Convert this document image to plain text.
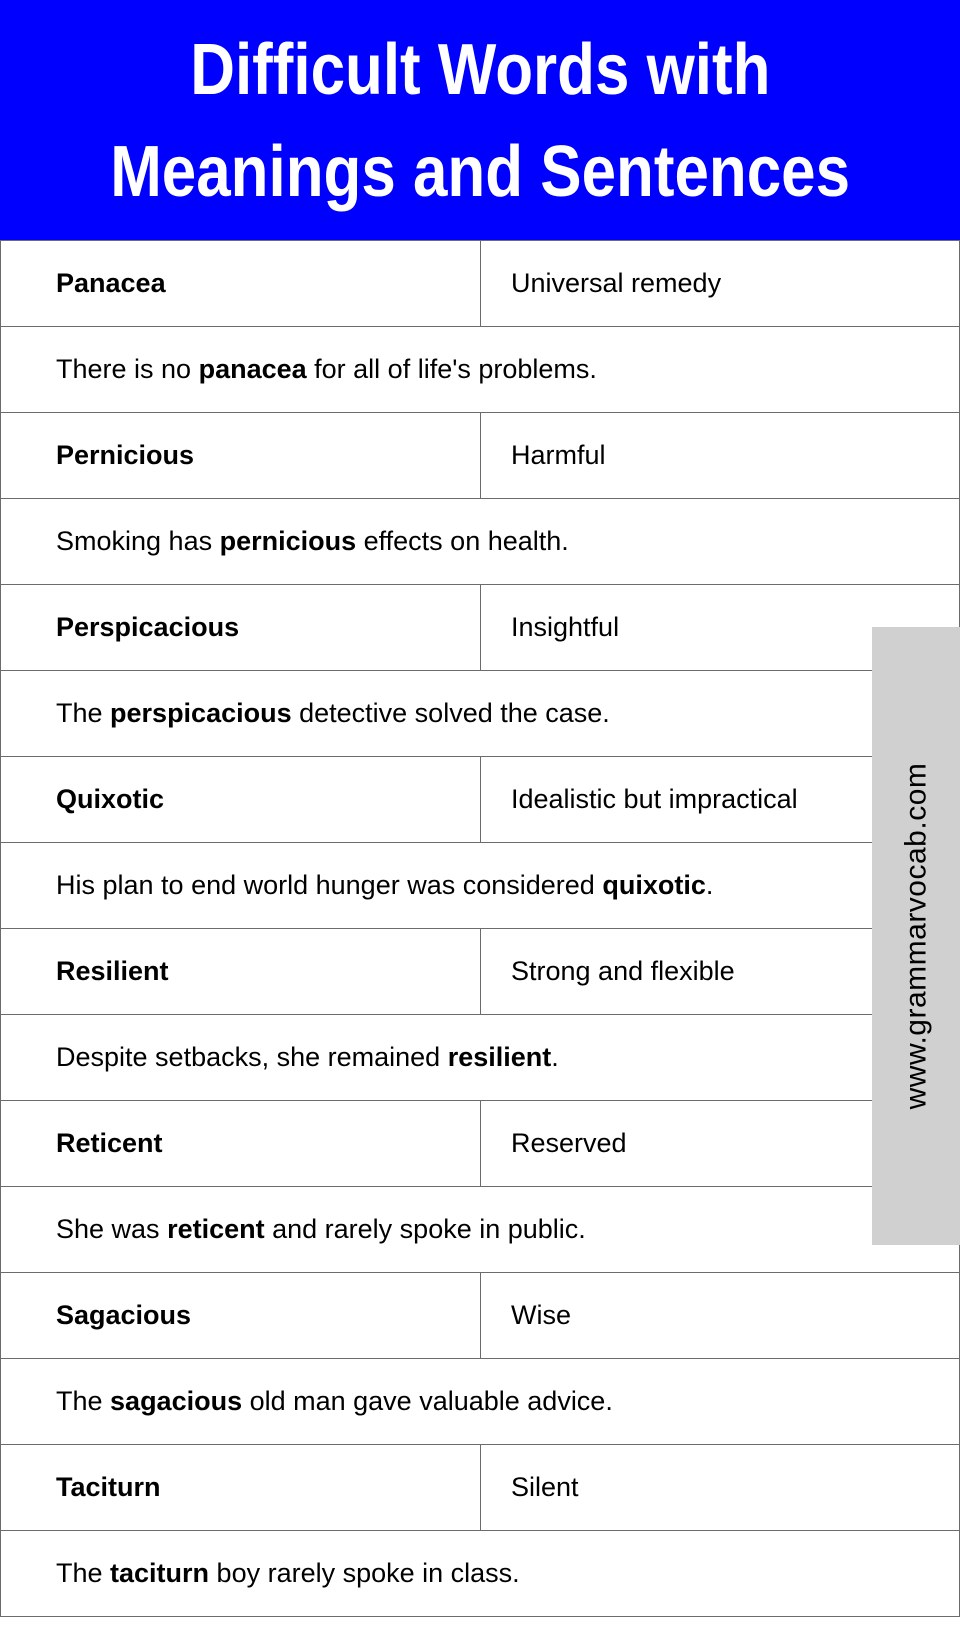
Difficult Words with
Meanings and Sentences
Panacea	Universal remedy
There is no panacea for all of life's problems.
Pernicious	Harmful
Smoking has pernicious effects on health.
Perspicacious	Insightful
The perspicacious detective solved the case.
Quixotic	Idealistic but impractical
His plan to end world hunger was considered quixotic .
Resilient	Strong and flexible
Despite setbacks, she remained resilient .
Reticent	Reserved
She was reticent and rarely spoke in public.
Sagacious	Wise
The sagacious old man gave valuable advice.
Taciturn	Silent
The taciturn boy rarely spoke in class.
www.grammarvocab.com
